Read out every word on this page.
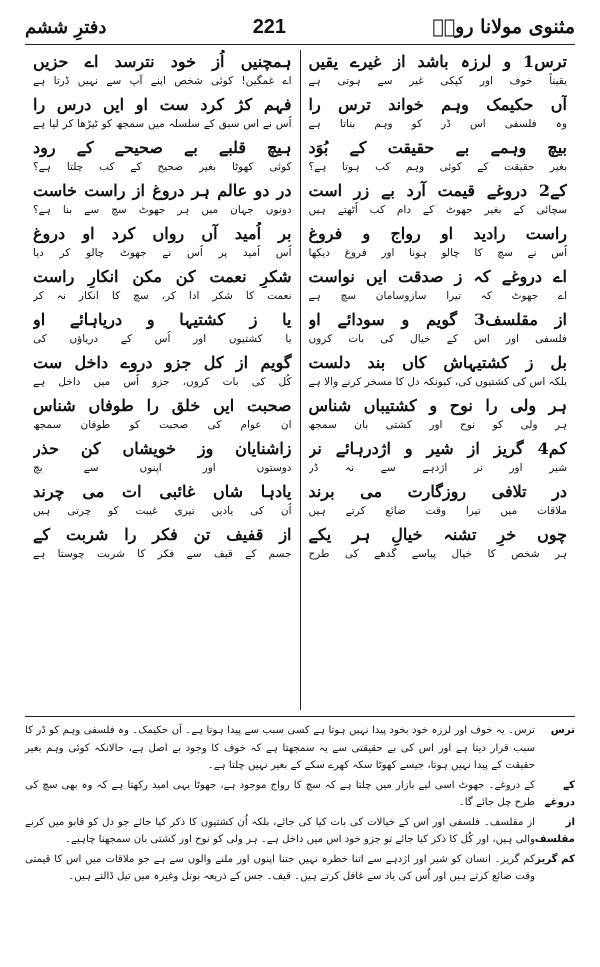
مثنوی مولانا رومؒ
221
دفترِ ششم
ترس1 و لرزہ باشد از غیرے یقیں
یقیناً خوف اور کپکی غیر سے ہوتی ہے
آں حکیمک وہم خواند ترس را
وہ فلسفی اس ڈر کو وہم بناتا ہے
بیچ وہمے بے حقیقت کے بُوَد
بغیر حقیقت کے کوئی وہم کب ہوتا ہے؟
کے2 دروغے قیمت آرد بے زر است
سچائی کے بغیر جھوٹ کے دام کب اُٹھتے ہیں
راست رادید او رواج و فروغ
اُس نے سچ کا چالو ہونا اور فروغ دیکھا
اے دروغے کہ ز صدقت ایں نواست
اے جھوٹ کہ تیرا سازوسامان سچ ہے
از مقلسف3 گویم و سودائے او
فلسفی اور اس کے خیال کی بات کروں
بل ز کشتیہاش کاں بند دلست
بلکہ اس کی کشتیوں کی، کیونکہ دل کا مسخر کرنے والا ہے
ہر ولی را نوح و کشتیباں شناس
ہر ولی کو نوح اور کشتی بان سمجھ
کم4 گریز از شیر و اژدرہائے نر
شیر اور نر اژدہے سے نہ ڈر
در تلافی روزگارت می برند
ملاقات میں تیرا وقت ضائع کرتے ہیں
چوں خرِ تشنہ خیالِ ہر یکے
ہر شخص کا خیال پیاسے گدھے کی طرح
ہمچنیں اُز خود نترسد اے حزیں
اے غمگین! کوئی شخص اپنے آپ سے نہیں ڈرتا ہے
فہم کژ کرد ست او ایں درس را
اُس نے اس سبق کے سلسلہ میں سمجھ کو ٹیڑھا کر لیا ہے
ہیچ قلبے بے صحیحے کے رود
کوئی کھوٹا بغیر صحیح کے کب چلتا ہے؟
در دو عالم ہر دروغ از راست خاست
دونوں جہان میں ہر جھوٹ سچ سے بنا ہے؟
بر اُمید آں رواں کرد او دروغ
اُس اُمید پر اُس نے جھوٹ چالو کر دیا
شکرِ نعمت کن مکن انکارِ راست
نعمت کا شکر ادا کر، سچ کا انکار نہ کر
یا ز کشتیہا و دریاہائے او
یا کشتیوں اور اُس کے دریاؤں کی
گویم از کل جزو دروے داخل ست
کُل کی بات کروں، جزو اُس میں داخل ہے
صحبت ایں خلق را طوفاں شناس
ان عوام کی صحبت کو طوفان سمجھ
زاشنایان وز خویشاں کن حذر
دوستوں اور اپنوں سے بچ
یادہا شاں غائبی ات می چرند
اُن کی یادیں تیری غیبت کو چرتی ہیں
از قفیف تن فکر را شربت کے
جسم کے قیف سے فکر کا شربت چوستا ہے
ترس
ترس۔ یہ خوف اور لرزہ خود بخود پیدا نہیں ہوتا ہے کسی سبب سے پیدا ہوتا ہے۔ آں حکیمک۔ وہ فلسفی وہم کو ڈر کا سبب قرار دیتا ہے اور اس کی بے حقیقتی سے یہ سمجھتا ہے کہ خوف کا وجود بے اصل ہے، حالانکہ کوئی وہم بغیر حقیقت کے پیدا نہیں ہوتا، جیسے کھوٹا سکہ کھرے سکے کے بغیر نہیں چلتا ہے۔
کے دروغے
کے دروغے۔ جھوٹ اسی لیے بازار میں چلتا ہے کہ سچ کا رواج موجود ہے، جھوٹا یہی امید رکھتا ہے کہ وہ بھی سچ کی طرح چل جائے گا۔
از مقلسف
از مقلسف۔ فلسفی اور اس کے خیالات کی بات کیا کی جائے، بلکہ اُن کشتیوں کا ذکر کیا جائے جو دل کو قابو میں کرنے والی ہیں، اور کُل کا ذکر کیا جائے تو جزو خود اس میں داخل ہے۔ ہر ولی کو نوح اور کشتی بان سمجھنا چاہیے۔
کم گریز
کم گریز۔ انسان کو شیر اور اژدہے سے اتنا خطرہ نہیں جتنا اپنوں اور ملنے والوں سے ہے جو ملاقات میں اس کا قیمتی وقت ضائع کرتے ہیں اور اُس کی یاد سے غافل کرتے ہیں۔ قیف۔ جس کے ذریعہ بوتل وغیرہ میں تیل ڈالتے ہیں۔
